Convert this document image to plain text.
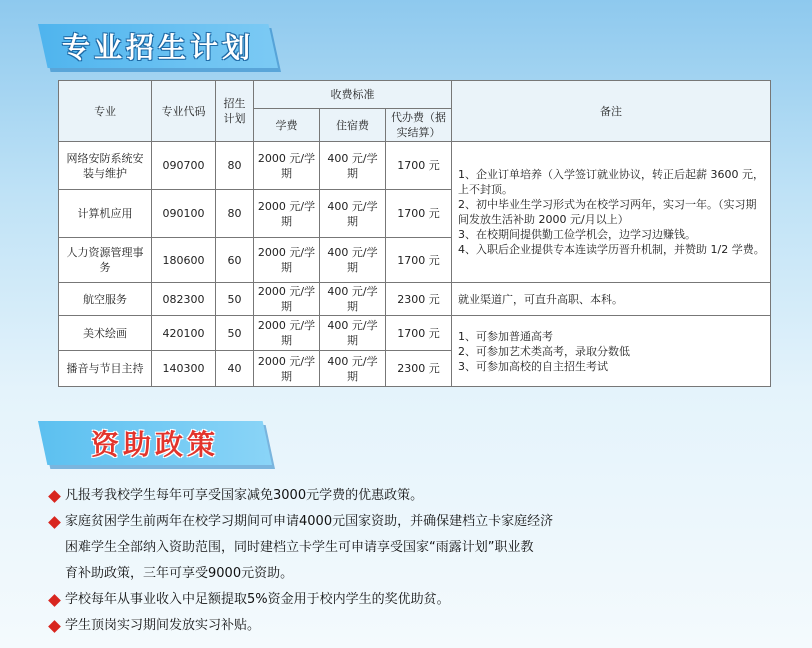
专业招生计划
专业	专业代码	招生计划	收费标准			备注
			学费	住宿费	代办费（据实结算）	
网络安防系统安装与维护	090700	80	2000 元/学期	400 元/学期	1700 元	1、企业订单培养（入学签订就业协议，转正后起薪 3600 元，上不封顶。
2、初中毕业生学习形式为在校学习两年，实习一年。（实习期间发放生活补助 2000 元/月以上）
3、在校期间提供勤工俭学机会，边学习边赚钱。
4、入职后企业提供专本连读学历晋升机制，并赞助 1/2 学费。

计算机应用	090100	80	2000 元/学期	400 元/学期	1700 元	
人力资源管理事务	180600	60	2000 元/学期	400 元/学期	1700 元	
航空服务	082300	50	2000 元/学期	400 元/学期	2300 元	就业渠道广，可直升高职、本科。
美术绘画	420100	50	2000 元/学期	400 元/学期	1700 元	1、可参加普通高考
2、可参加艺术类高考，录取分数低
3、可参加高校的自主招生考试

播音与节目主持	140300	40	2000 元/学期	400 元/学期	2300 元	
资助政策
凡报考我校学生每年可享受国家减免3000元学费的优惠政策。
家庭贫困学生前两年在校学习期间可申请4000元国家资助，并确保建档立卡家庭经济
困难学生全部纳入资助范围，同时建档立卡学生可申请享受国家“雨露计划”职业教
育补助政策，三年可享受9000元资助。
学校每年从事业收入中足额提取5%资金用于校内学生的奖优助贫。
学生顶岗实习期间发放实习补贴。
